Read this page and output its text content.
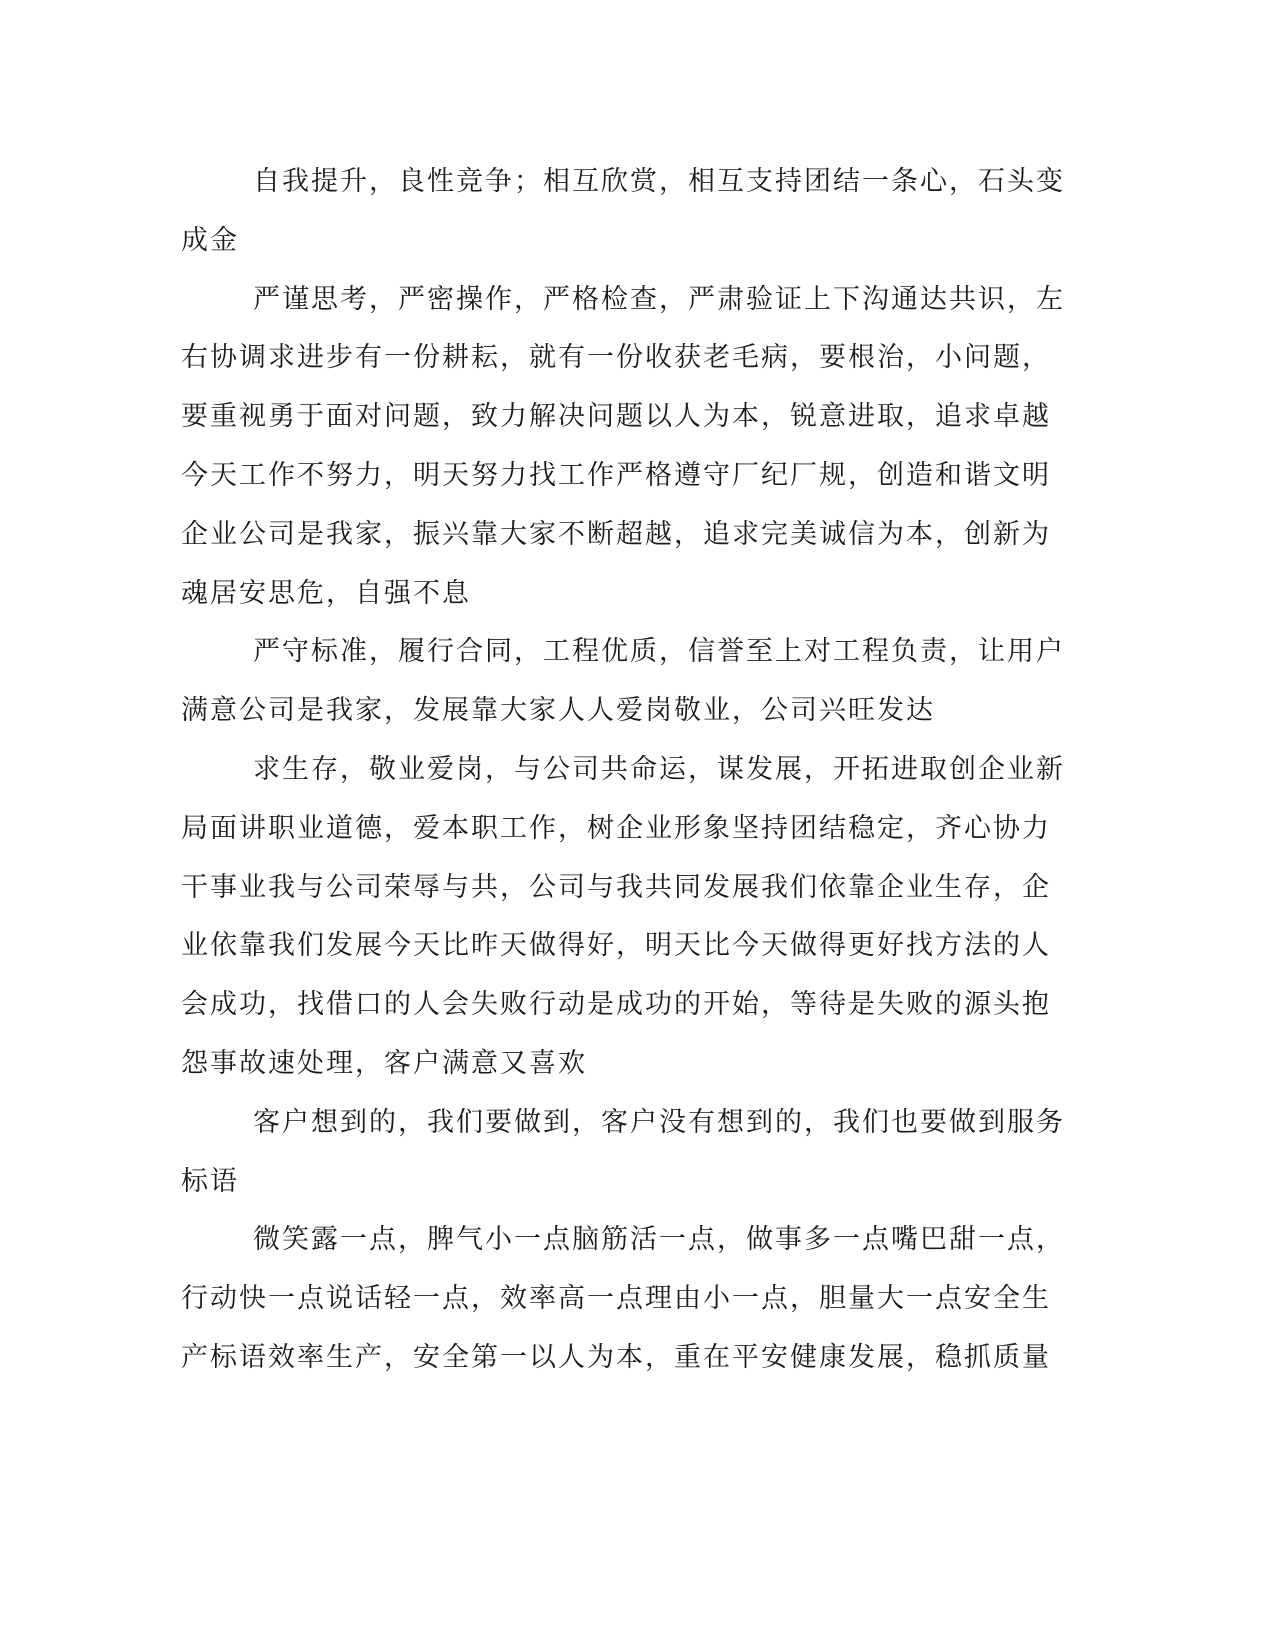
自我提升，良性竞争；相互欣赏，相互支持团结一条心，石头变
成金
严谨思考，严密操作，严格检查，严肃验证上下沟通达共识，左
右协调求进步有一份耕耘，就有一份收获老毛病，要根治，小问题，
要重视勇于面对问题，致力解决问题以人为本，锐意进取，追求卓越
今天工作不努力，明天努力找工作严格遵守厂纪厂规，创造和谐文明
企业公司是我家，振兴靠大家不断超越，追求完美诚信为本，创新为
魂居安思危，自强不息
严守标准，履行合同，工程优质，信誉至上对工程负责，让用户
满意公司是我家，发展靠大家人人爱岗敬业，公司兴旺发达
求生存，敬业爱岗，与公司共命运，谋发展，开拓进取创企业新
局面讲职业道德，爱本职工作，树企业形象坚持团结稳定，齐心协力
干事业我与公司荣辱与共，公司与我共同发展我们依靠企业生存，企
业依靠我们发展今天比昨天做得好，明天比今天做得更好找方法的人
会成功，找借口的人会失败行动是成功的开始，等待是失败的源头抱
怨事故速处理，客户满意又喜欢
客户想到的，我们要做到，客户没有想到的，我们也要做到服务
标语
微笑露一点，脾气小一点脑筋活一点，做事多一点嘴巴甜一点，
行动快一点说话轻一点，效率高一点理由小一点，胆量大一点安全生
产标语效率生产，安全第一以人为本，重在平安健康发展，稳抓质量
